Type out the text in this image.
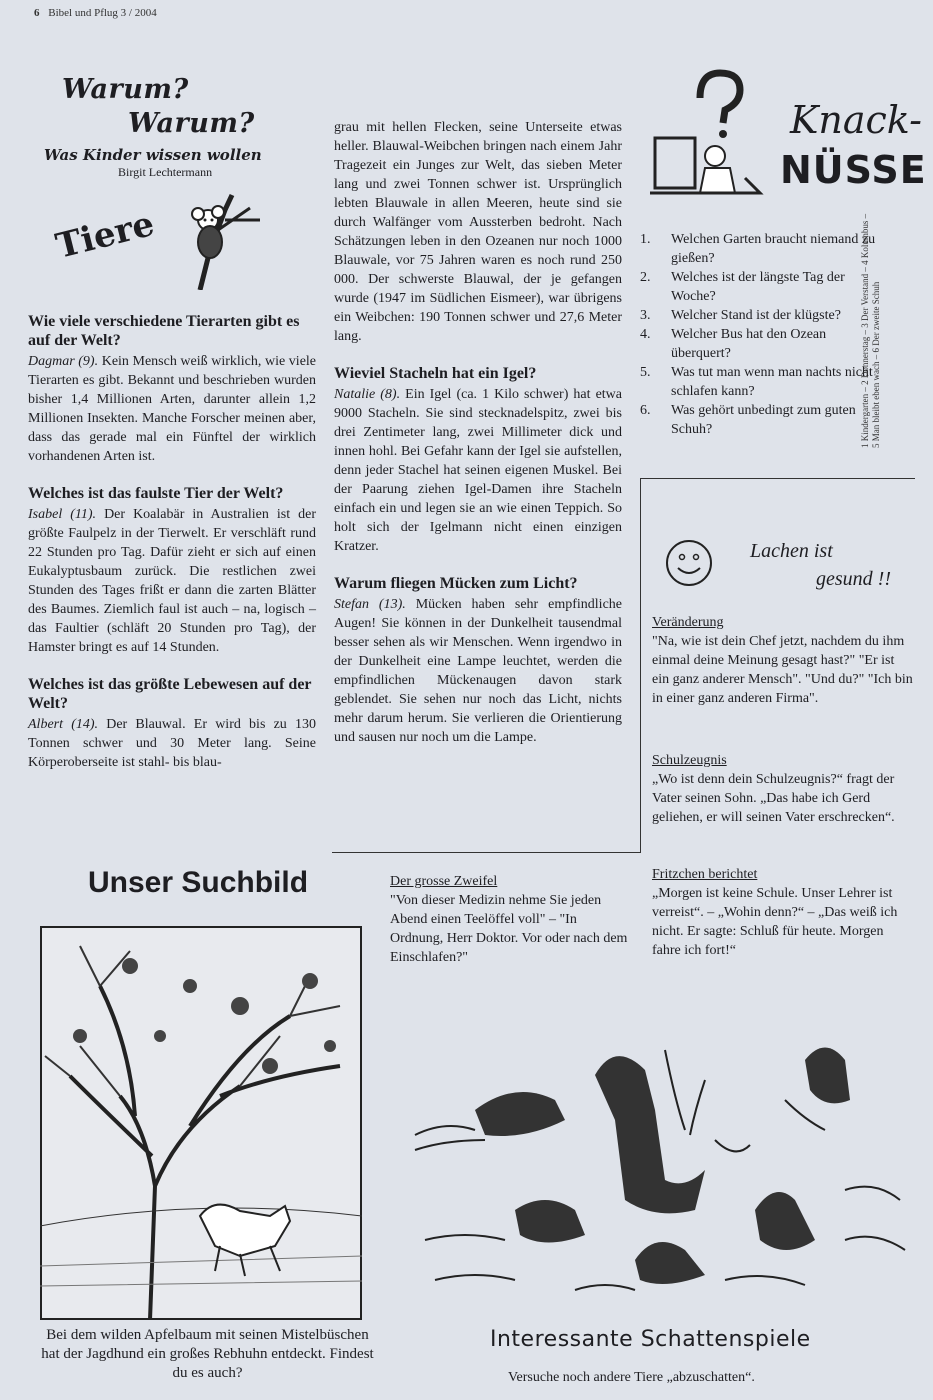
6 Bibel und Pflug 3 / 2004
Warum?
Warum?
Was Kinder wissen wollen
Birgit Lechtermann
Tiere
Wie viele verschiedene Tierarten gibt es auf der Welt?

Dagmar (9). Kein Mensch weiß wirklich, wie viele Tierarten es gibt. Bekannt und beschrieben wurden bisher 1,4 Millionen Arten, darunter allein 1,2 Millionen Insekten. Manche Forscher meinen aber, dass das gerade mal ein Fünftel der wirklich vorhandenen Arten ist.

Welches ist das faulste Tier der Welt?

Isabel (11). Der Koalabär in Australien ist der größte Faulpelz in der Tierwelt. Er verschläft rund 22 Stunden pro Tag. Dafür zieht er sich auf einen Eukalyptusbaum zurück. Die restlichen zwei Stunden des Tages frißt er dann die zarten Blätter des Baumes. Ziemlich faul ist auch – na, logisch – das Faultier (schläft 20 Stunden pro Tag), der Hamster bringt es auf 14 Stunden.

Welches ist das größte Lebewesen auf der Welt?

Albert (14). Der Blauwal. Er wird bis zu 130 Tonnen schwer und 30 Meter lang. Seine Körperoberseite ist stahl- bis blau-

grau mit hellen Flecken, seine Unterseite etwas heller. Blauwal-Weibchen bringen nach einem Jahr Tragezeit ein Junges zur Welt, das sieben Meter lang und zwei Tonnen schwer ist. Ursprünglich lebten Blauwale in allen Meeren, heute sind sie durch Walfänger vom Aussterben bedroht. Nach Schätzungen leben in den Ozeanen nur noch 1000 Blauwale, vor 75 Jahren waren es noch rund 250 000. Der schwerste Blauwal, der je gefangen wurde (1947 im Südlichen Eismeer), war übrigens ein Weibchen: 190 Tonnen schwer und 27,6 Meter lang.

Wieviel Stacheln hat ein Igel?

Natalie (8). Ein Igel (ca. 1 Kilo schwer) hat etwa 9000 Stacheln. Sie sind stecknadelspitz, zwei bis drei Zentimeter lang, zwei Millimeter dick und innen hohl. Bei Gefahr kann der Igel sie aufstellen, denn jeder Stachel hat seinen eigenen Muskel. Bei der Paarung ziehen Igel-Damen ihre Stacheln einfach ein und legen sie an wie einen Teppich. So holt sich der Igelmann nicht einen einzigen Kratzer.

Warum fliegen Mücken zum Licht?

Stefan (13). Mücken haben sehr empfindliche Augen! Sie können in der Dunkelheit tausendmal besser sehen als wir Menschen. Wenn irgendwo in der Dunkelheit eine Lampe leuchtet, werden die empfindlichen Mückenaugen davon stark geblendet. Sie sehen nur noch das Licht, nichts mehr darum herum. Sie verlieren die Orientierung und sausen nur noch um die Lampe.

Knack-
NÜSSE
1. Welchen Garten braucht niemand zu gießen?
2. Welches ist der längste Tag der Woche?
3. Welcher Stand ist der klügste?
4. Welcher Bus hat den Ozean überquert?
5. Was tut man wenn man nachts nicht schlafen kann?
6. Was gehört unbedingt zum guten Schuh?	1 Kindergarten – 2 Donnerstag – 3 Der Verstand – 4 Kolumbus – 5 Man bleibt eben wach – 6 Der zweite Schuh
Lachen ist
gesund !!
Veränderung
"Na, wie ist dein Chef jetzt, nachdem du ihm einmal deine Meinung gesagt hast?" "Er ist ein ganz anderer Mensch". "Und du?" "Ich bin in einer ganz anderen Firma".
Schulzeugnis
„Wo ist denn dein Schulzeugnis?“ fragt der Vater seinen Sohn. „Das habe ich Gerd geliehen, er will seinen Vater erschrecken“.
Fritzchen berichtet
„Morgen ist keine Schule. Unser Lehrer ist verreist“. – „Wohin denn?“ – „Das weiß ich nicht. Er sagte: Schluß für heute. Morgen fahre ich fort!“
Der grosse Zweifel
"Von dieser Medizin nehme Sie jeden Abend einen Teelöffel voll" – "In Ordnung, Herr Doktor. Vor oder nach dem Einschlafen?"
Unser Suchbild
Bei dem wilden Apfelbaum mit seinen Mistelbüschen hat der Jagdhund ein großes Rebhuhn entdeckt. Findest du es auch?
Interessante Schattenspiele
Versuche noch andere Tiere „abzuschatten“.
